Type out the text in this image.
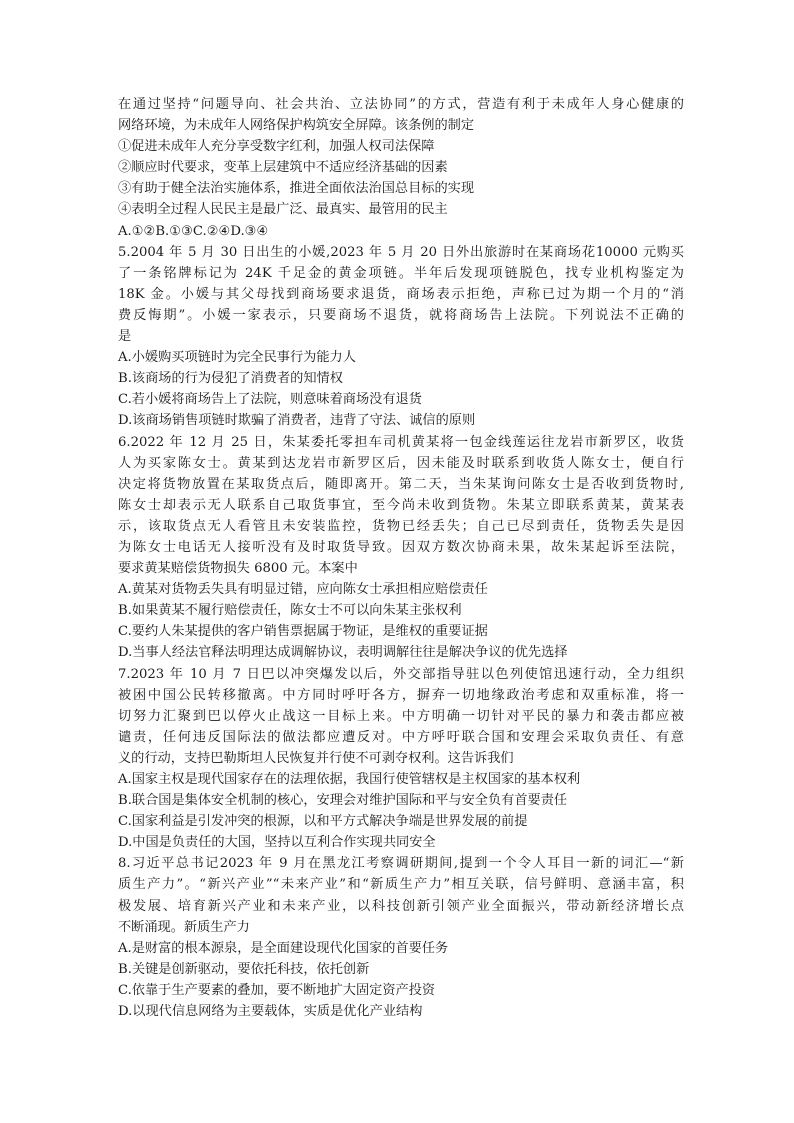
在通过坚持“问题导向、社会共治、立法协同”的方式，营造有利于未成年人身心健康的
网络环境，为未成年人网络保护构筑安全屏障。该条例的制定
①促进未成年人充分享受数字红利，加强人权司法保障
②顺应时代要求，变革上层建筑中不适应经济基础的因素
③有助于健全法治实施体系，推进全面依法治国总目标的实现
④表明全过程人民民主是最广泛、最真实、最管用的民主
A.①②B.①③C.②④D.③④
5.2004 年 5 月 30 日出生的小媛,2023 年 5 月 20 日外出旅游时在某商场花10000 元购买
了一条铭牌标记为 24K 千足金的黄金项链。半年后发现项链脱色，找专业机构鉴定为
18K 金。小媛与其父母找到商场要求退货，商场表示拒绝，声称已过为期一个月的“消
费反悔期”。小媛一家表示，只要商场不退货，就将商场告上法院。下列说法不正确的
是
A.小媛购买项链时为完全民事行为能力人
B.该商场的行为侵犯了消费者的知情权
C.若小媛将商场告上了法院，则意味着商场没有退货
D.该商场销售项链时欺骗了消费者，违背了守法、诚信的原则
6.2022 年 12 月 25 日，朱某委托零担车司机黄某将一包金线莲运往龙岩市新罗区，收货
人为买家陈女士。黄某到达龙岩市新罗区后，因未能及时联系到收货人陈女士，便自行
决定将货物放置在某取货点后，随即离开。第二天，当朱某询问陈女士是否收到货物时,
陈女士却表示无人联系自己取货事宜，至今尚未收到货物。朱某立即联系黄某，黄某表
示，该取货点无人看管且未安装监控，货物已经丢失；自己已尽到责任，货物丢失是因
为陈女士电话无人接听没有及时取货导致。因双方数次协商未果，故朱某起诉至法院，
要求黄某赔偿货物损失 6800 元。本案中
A.黄某对货物丢失具有明显过错，应向陈女士承担相应赔偿责任
B.如果黄某不履行赔偿责任，陈女士不可以向朱某主张权利
C.要约人朱某提供的客户销售票据属于物证，是维权的重要证据
D.当事人经法官释法明理达成调解协议，表明调解往往是解决争议的优先选择
7.2023 年 10 月 7 日巴以冲突爆发以后，外交部指导驻以色列使馆迅速行动，全力组织
被困中国公民转移撤离。中方同时呼吁各方，摒弃一切地缘政治考虑和双重标准，将一
切努力汇聚到巴以停火止战这一目标上来。中方明确一切针对平民的暴力和袭击都应被
谴责，任何违反国际法的做法都应遭反对。中方呼吁联合国和安理会采取负责任、有意
义的行动，支持巴勒斯坦人民恢复并行使不可剥夺权利。这告诉我们
A.国家主权是现代国家存在的法理依据，我国行使管辖权是主权国家的基本权利
B.联合国是集体安全机制的核心，安理会对维护国际和平与安全负有首要责任
C.国家利益是引发冲突的根源，以和平方式解决争端是世界发展的前提
D.中国是负责任的大国，坚持以互利合作实现共同安全
8.习近平总书记2023 年 9 月在黑龙江考察调研期间,提到一个令人耳目一新的词汇—“新
质生产力”。“新兴产业”“未来产业”和“新质生产力”相互关联，信号鲜明、意涵丰富，积
极发展、培育新兴产业和未来产业，以科技创新引领产业全面振兴，带动新经济增长点
不断涌现。新质生产力
A.是财富的根本源泉，是全面建设现代化国家的首要任务
B.关键是创新驱动，要依托科技，依托创新
C.依靠于生产要素的叠加，要不断地扩大固定资产投资
D.以现代信息网络为主要载体，实质是优化产业结构
